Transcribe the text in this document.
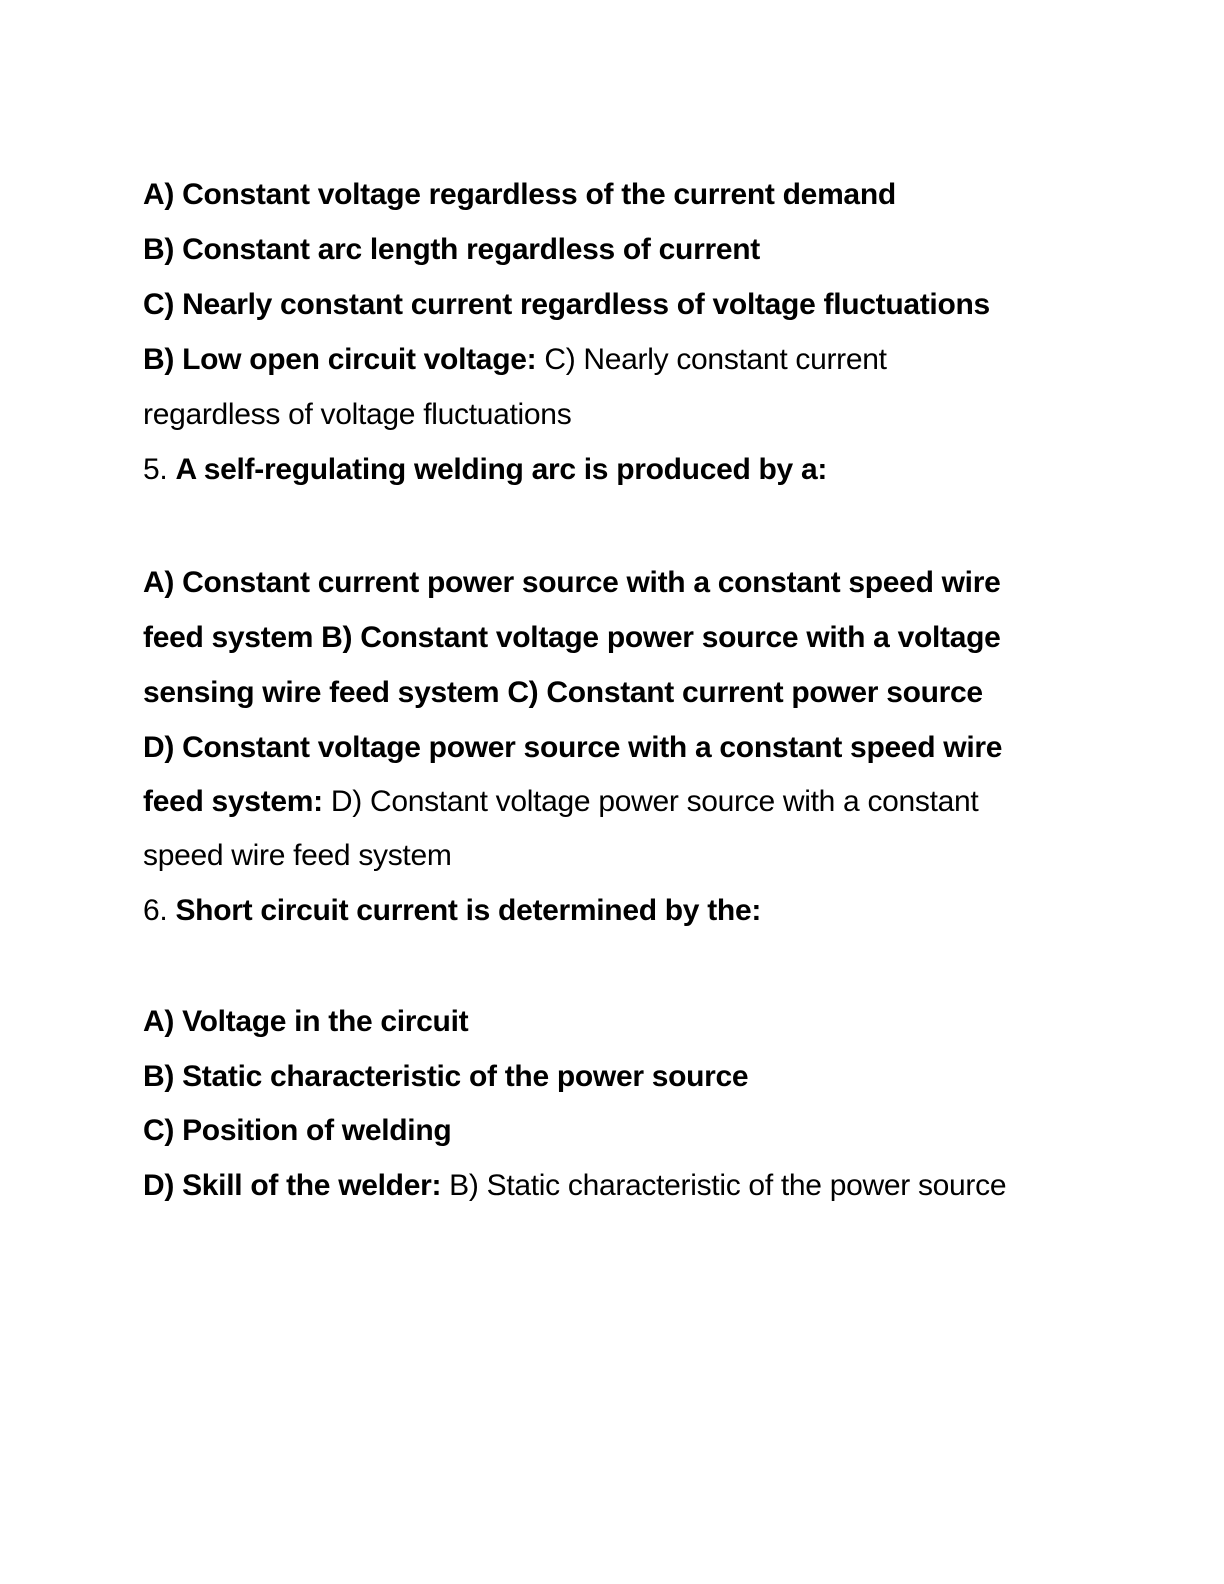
A) Constant voltage regardless of the current demand
B) Constant arc length regardless of current
C) Nearly constant current regardless of voltage fluctuations
B) Low open circuit voltage: C) Nearly constant current
regardless of voltage fluctuations
5. A self-regulating welding arc is produced by a:
A) Constant current power source with a constant speed wire
feed system B) Constant voltage power source with a voltage
sensing wire feed system C) Constant current power source
D) Constant voltage power source with a constant speed wire
feed system: D) Constant voltage power source with a constant
speed wire feed system
6. Short circuit current is determined by the:
A) Voltage in the circuit
B) Static characteristic of the power source
C) Position of welding
D) Skill of the welder: B) Static characteristic of the power source
